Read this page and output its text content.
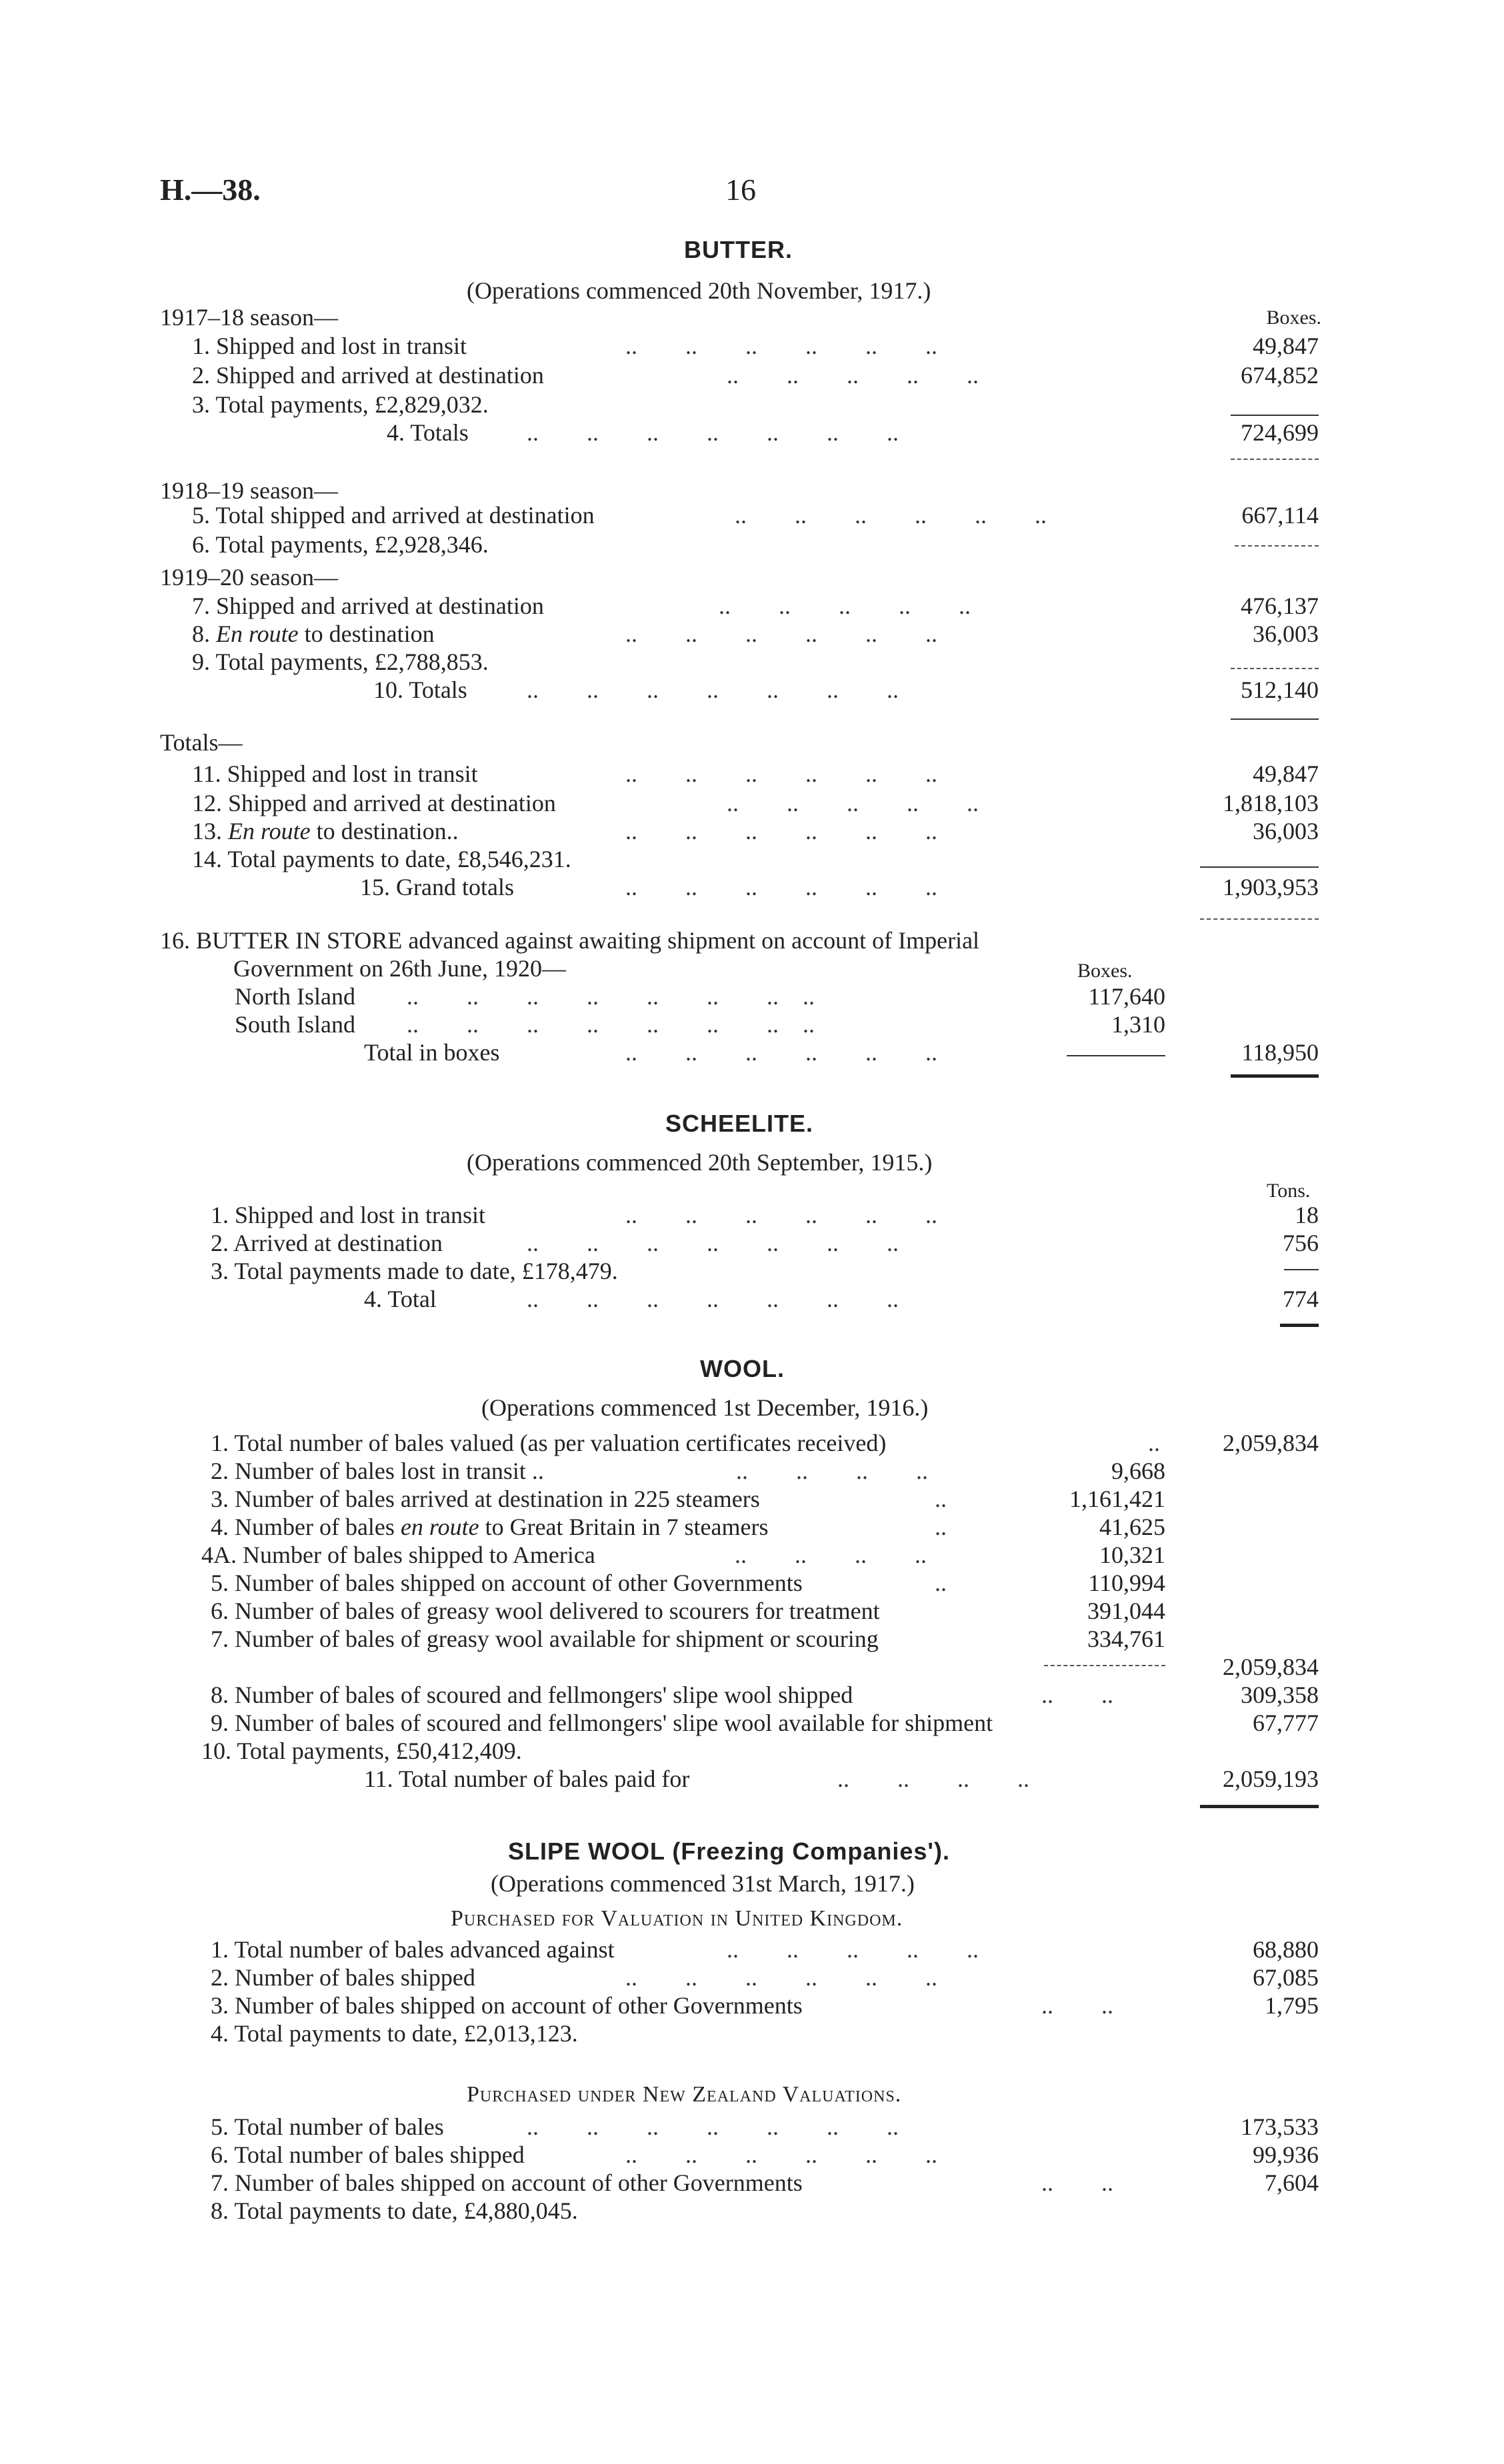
H.—38.	16
BUTTER.
(Operations commenced 20th November, 1917.)
Boxes.
1917–18 season—
1. Shipped and lost in transit	..        ..        ..        ..        ..        ..	49,847
2. Shipped and arrived at destination	..        ..        ..        ..        ..	674,852
3. Total payments, £2,829,032.
4. Totals ..        ..        ..        ..        ..        ..        ..	724,699
1918–19 season—
5. Total shipped and arrived at destination	..        ..        ..        ..        ..        ..	667,114
6. Total payments, £2,928,346.
1919–20 season—
7. Shipped and arrived at destination	..        ..        ..        ..        ..	476,137
8. En route to destination	..        ..        ..        ..        ..        ..	36,003
9. Total payments, £2,788,853.
10. Totals ..        ..        ..        ..        ..        ..        ..	512,140
Totals—
11. Shipped and lost in transit	..        ..        ..        ..        ..        ..	49,847
12. Shipped and arrived at destination	..        ..        ..        ..        ..	1,818,103
13. En route to destination..	..        ..        ..        ..        ..        ..	36,003
14. Total payments to date, £8,546,231.
15. Grand totals	..        ..        ..        ..        ..        ..	1,903,953
16. BUTTER IN STORE advanced against awaiting shipment on account of Imperial
Government on 26th June, 1920—	Boxes.
North Island ..        ..        ..        ..        ..        ..        ..    ..	117,640
South Island ..        ..        ..        ..        ..        ..        ..    ..	1,310
Total in boxes	..        ..        ..        ..        ..        ..	118,950
SCHEELITE.
(Operations commenced 20th September, 1915.)
Tons.
1. Shipped and lost in transit	..        ..        ..        ..        ..        ..	18
2. Arrived at destination	..        ..        ..        ..        ..        ..        ..	756
3. Total payments made to date, £178,479.
4. Total	..        ..        ..        ..        ..        ..        ..	774
WOOL.
(Operations commenced 1st December, 1916.)
1. Total number of bales valued (as per valuation certificates received)	..	2,059,834
2. Number of bales lost in transit ..	..        ..        ..        ..	9,668
3. Number of bales arrived at destination in 225 steamers	..	1,161,421
4. Number of bales en route to Great Britain in 7 steamers	..	41,625
4A. Number of bales shipped to America	..        ..        ..        ..	10,321
5. Number of bales shipped on account of other Governments	..	110,994
6. Number of bales of greasy wool delivered to scourers for treatment	391,044
7. Number of bales of greasy wool available for shipment or scouring	334,761
2,059,834
8. Number of bales of scoured and fellmongers' slipe wool shipped	..        ..	309,358
9. Number of bales of scoured and fellmongers' slipe wool available for shipment	67,777
10. Total payments, £50,412,409.
11. Total number of bales paid for	..        ..        ..        ..	2,059,193
SLIPE WOOL (Freezing Companies').
(Operations commenced 31st March, 1917.)
Purchased for Valuation in United Kingdom.
1. Total number of bales advanced against	..        ..        ..        ..        ..	68,880
2. Number of bales shipped	..        ..        ..        ..        ..        ..	67,085
3. Number of bales shipped on account of other Governments	..        ..	1,795
4. Total payments to date, £2,013,123.
Purchased under New Zealand Valuations.
5. Total number of bales	..        ..        ..        ..        ..        ..        ..	173,533
6. Total number of bales shipped	..        ..        ..        ..        ..        ..	99,936
7. Number of bales shipped on account of other Governments	..        ..	7,604
8. Total payments to date, £4,880,045.
